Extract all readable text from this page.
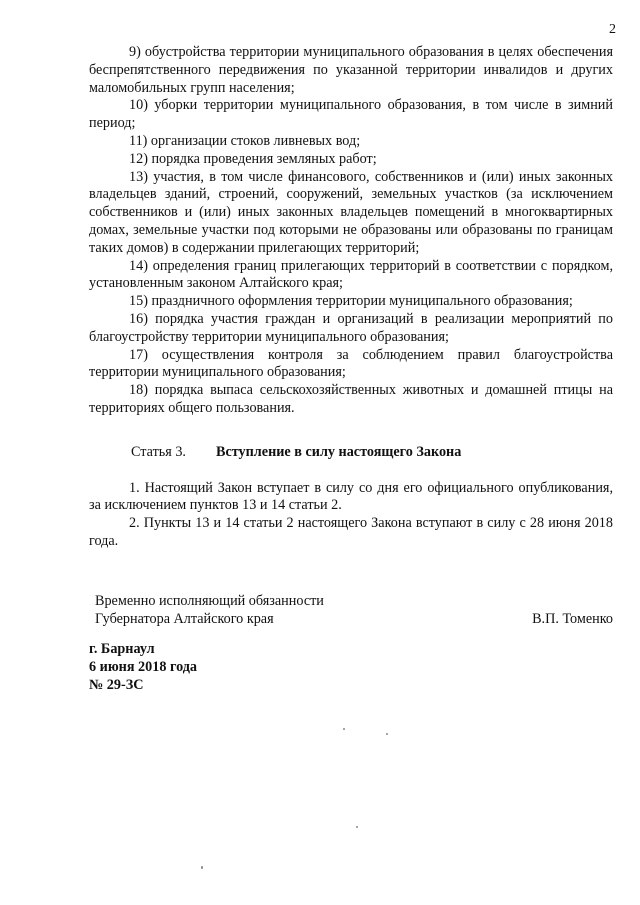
2

9) обустройства территории муниципального образования в целях обеспечения беспрепятственного передвижения по указанной территории инвалидов и других маломобильных групп населения;

10) уборки территории муниципального образования, в том числе в зимний период;

11) организации стоков ливневых вод;

12) порядка проведения земляных работ;

13) участия, в том числе финансового, собственников и (или) иных законных владельцев зданий, строений, сооружений, земельных участков (за исключением собственников и (или) иных законных владельцев помещений в многоквартирных домах, земельные участки под которыми не образованы или образованы по границам таких домов) в содержании прилегающих территорий;

14) определения границ прилегающих территорий в соответствии с порядком, установленным законом Алтайского края;

15) праздничного оформления территории муниципального образования;

16) порядка участия граждан и организаций в реализации мероприятий по благоустройству территории муниципального образования;

17) осуществления контроля за соблюдением правил благоустройства территории муниципального образования;

18) порядка выпаса сельскохозяйственных животных и домашней птицы на территориях общего пользования.

Статья 3.	Вступление в силу настоящего Закона

1. Настоящий Закон вступает в силу со дня его официального опубликования, за исключением пунктов 13 и 14 статьи 2.

2. Пункты 13 и 14 статьи 2 настоящего Закона вступают в силу с 28 июня 2018 года.

Временно исполняющий обязанности
Губернатора Алтайского края	В.П. Томенко
г. Барнаул
6 июня 2018 года
№ 29-ЗС
